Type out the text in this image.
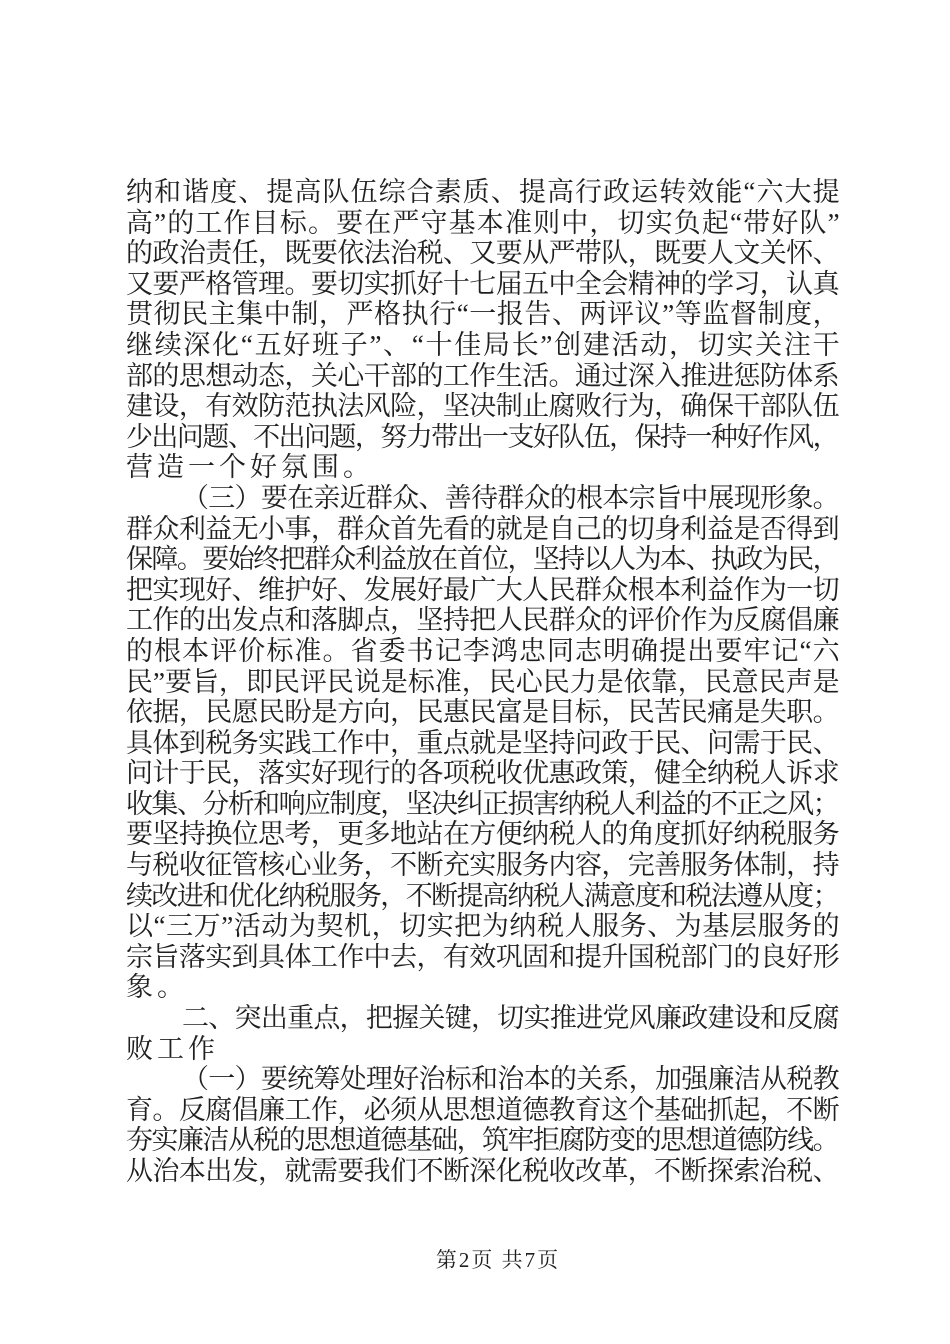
纳和谐度、提高队伍综合素质、提高行政运转效能“六大提
高”的工作目标。要在严守基本准则中，切实负起“带好队”
的政治责任，既要依法治税、又要从严带队，既要人文关怀、
又要严格管理。要切实抓好十七届五中全会精神的学习，认真
贯彻民主集中制，严格执行“一报告、两评议”等监督制度，
继续深化“五好班子”、“十佳局长”创建活动，切实关注干
部的思想动态，关心干部的工作生活。通过深入推进惩防体系
建设，有效防范执法风险，坚决制止腐败行为，确保干部队伍
少出问题、不出问题，努力带出一支好队伍，保持一种好作风，
营造一个好氛围。
（三）要在亲近群众、善待群众的根本宗旨中展现形象。
群众利益无小事，群众首先看的就是自己的切身利益是否得到
保障。要始终把群众利益放在首位，坚持以人为本、执政为民，
把实现好、维护好、发展好最广大人民群众根本利益作为一切
工作的出发点和落脚点，坚持把人民群众的评价作为反腐倡廉
的根本评价标准。省委书记李鸿忠同志明确提出要牢记“六
民”要旨，即民评民说是标准，民心民力是依靠，民意民声是
依据，民愿民盼是方向，民惠民富是目标，民苦民痛是失职。
具体到税务实践工作中，重点就是坚持问政于民、问需于民、
问计于民，落实好现行的各项税收优惠政策，健全纳税人诉求
收集、分析和响应制度，坚决纠正损害纳税人利益的不正之风；
要坚持换位思考，更多地站在方便纳税人的角度抓好纳税服务
与税收征管核心业务，不断充实服务内容，完善服务体制，持
续改进和优化纳税服务，不断提高纳税人满意度和税法遵从度；
以“三万”活动为契机，切实把为纳税人服务、为基层服务的
宗旨落实到具体工作中去，有效巩固和提升国税部门的良好形
象。
二、突出重点，把握关键，切实推进党风廉政建设和反腐
败工作
（一）要统筹处理好治标和治本的关系，加强廉洁从税教
育。反腐倡廉工作，必须从思想道德教育这个基础抓起，不断
夯实廉洁从税的思想道德基础，筑牢拒腐防变的思想道德防线。
从治本出发，就需要我们不断深化税收改革，不断探索治税、
第2页 共7页
